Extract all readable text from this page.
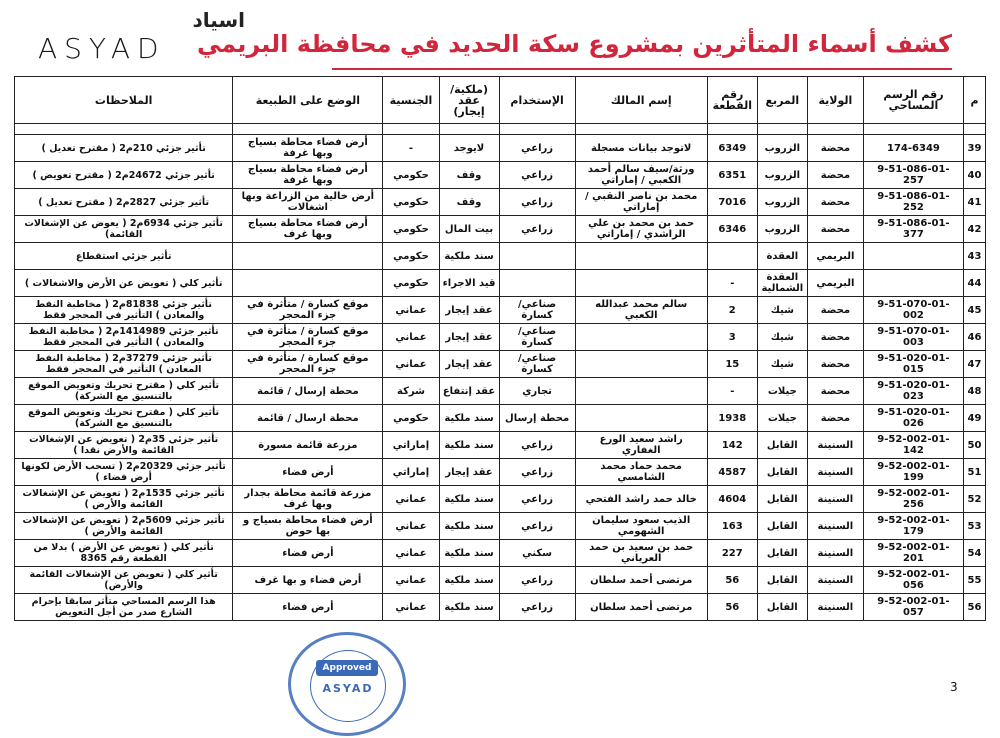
اسياد
ASYAD كشف أسماء المتأثرين بمشروع سكة الحديد في محافظة البريمي
م	رقم الرسم المساحي	الولاية	المربع	رقم القطعة	إسم المالك	الإستخدام	(ملكية/عقد إيجار)	الجنسية	الوضع على الطبيعة	الملاحظات

39	174-6349	محضة	الزروب	6349	لاتوجد بيانات مسجلة	زراعي	لايوجد	-	أرض فضاء محاطة بسياج وبها غرفة	تأثير جزئي 210م2 ( مقترح تعديل )
40	9-51-086-01-257	محضة	الزروب	6351	ورثة/سيف سالم أحمد الكعبي / إماراتي	زراعي	وقف	حكومي	أرض فضاء محاطة بسياج وبها غرفة	تأثير جزئي 24672م2 ( مقترح تعويض )
41	9-51-086-01-252	محضة	الزروب	7016	محمد بن ناصر النقبي / إماراتي	زراعي	وقف	حكومي	أرض خالية من الزراعة وبها اشغالات	تأثير جزئي 2827م2 ( مقترح تعديل )
42	9-51-086-01-377	محضة	الزروب	6346	حمد بن محمد بن علي الراشدي / إماراتي	زراعي	بيت المال	حكومي	أرض فضاء محاطة بسياج وبها غرف	تأثير جزئي 6934م2 ( يعوض عن الإشغالات القائمة)
43		البريمي	العقدة				سند ملكية	حكومي		تأثير جزئي استقطاع
44		البريمي	العقدة الشمالية	-			قيد الاجراء	حكومي		تأثير كلي ( تعويض عن الأرض والاشغالات )
45	9-51-070-01-002	محضة	شيك	2	سالم محمد عبدالله الكعبي	صناعي/كسارة	عقد إيجار	عماني	موقع كسارة / متأثرة في جزء المحجر	تأثير جزئي 81838م2 ( مخاطبة النفط والمعادن ) التأثير في المحجر فقط
46	9-51-070-01-003	محضة	شيك	3		صناعي/كسارة	عقد إيجار	عماني	موقع كسارة / متأثرة في جزء المحجر	تأثير جزئي 1414989م2 ( مخاطبة النفط والمعادن ) التأثير في المحجر فقط
47	9-51-020-01-015	محضة	شيك	15		صناعي/كسارة	عقد إيجار	عماني	موقع كسارة / متأثرة في جزء المحجر	تأثير جزئي 37279م2 ( مخاطبة النفط المعادن ) التأثير في المحجر فقط
48	9-51-020-01-023	محضة	جيلات	-		تجاري	عقد إنتفاع	شركة	محطة إرسال / قائمة	تأثير كلي ( مقترح تحريك وتعويض الموقع بالتنسيق مع الشركة)
49	9-51-020-01-026	محضة	جيلات	1938		محطة إرسال	سند ملكية	حكومي	محطة ارسال / قائمة	تأثير كلي ( مقترح تحريك وتعويض الموقع بالتنسيق مع الشركة)
50	9-52-002-01-142	السنينة	القابل	142	راشد سعيد الورع الغفاري	زراعي	سند ملكية	إماراتي	مزرعة قائمة مسورة	تأثير جزئي 35م2 ( تعويض عن الإشغالات القائمة والأرض نقدا )
51	9-52-002-01-199	السنينة	القابل	4587	محمد حماد محمد الشامسي	زراعي	عقد إيجار	إماراتي	أرض فضاء	تأثير جزئي 20329م2 ( تسحب الأرض لكونها أرض فضاء )
52	9-52-002-01-256	السنينة	القابل	4604	خالد حمد راشد الفتحي	زراعي	سند ملكية	عماني	مزرعة قائمة محاطة بجدار وبها غرف	تأثير جزئي 1535م2 ( تعويض عن الإشغالات القائمة والأرض )
53	9-52-002-01-179	السنينة	القابل	163	الذيب سعود سليمان الشهومي	زراعي	سند ملكية	عماني	أرض فضاء محاطة بسياج و بها حوض	تأثير جزئي 5609م2 ( تعويض عن الإشغالات القائمة والأرض )
54	9-52-002-01-201	السنينة	القابل	227	حمد بن سعيد بن حمد العرياني	سكني	سند ملكية	عماني	أرض فضاء	تأثير كلي ( تعويض عن الأرض ) بدلا من القطعة رقم 8365
55	9-52-002-01-056	السنينة	القابل	56	مرتضى أحمد سلطان	زراعي	سند ملكية	عماني	أرض فضاء و بها غرف	تأثير كلي ( تعويض عن الإشغالات القائمة والأرض)
56	9-52-002-01-057	السنينة	القابل	56	مرتضى أحمد سلطان	زراعي	سند ملكية	عماني	أرض فضاء	هذا الرسم المساحي متأثر سابقا بإحرام الشارع صدر من أجل التعويض
Approved
ASYAD	3
